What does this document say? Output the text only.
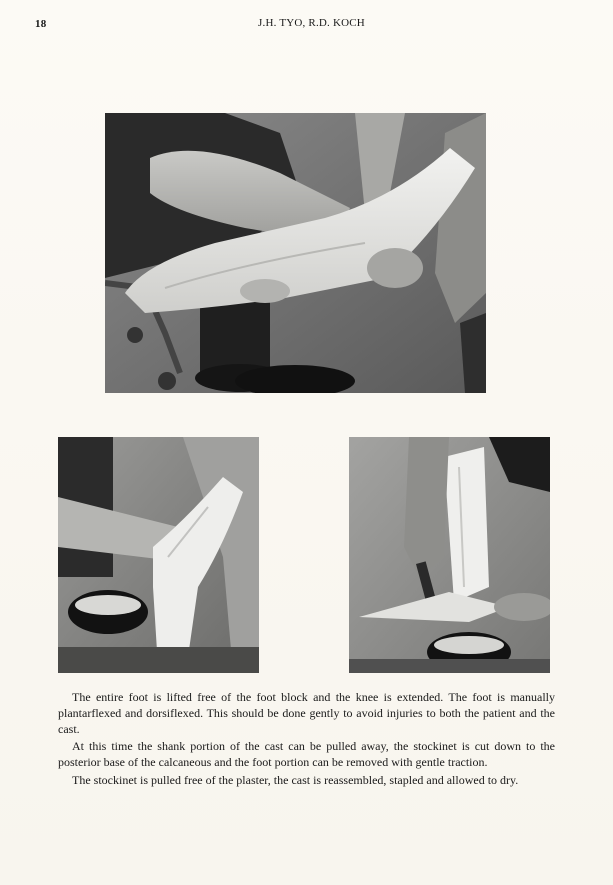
18	J.H. TYO, R.D. KOCH

The entire foot is lifted free of the foot block and the knee is extended. The foot is manually plantarflexed and dorsiflexed. This should be done gently to avoid injuries to both the patient and the cast.

At this time the shank portion of the cast can be pulled away, the stockinet is cut down to the posterior base of the calcaneous and the foot portion can be removed with gentle traction.

The stockinet is pulled free of the plaster, the cast is reassembled, stapled and allowed to dry.
